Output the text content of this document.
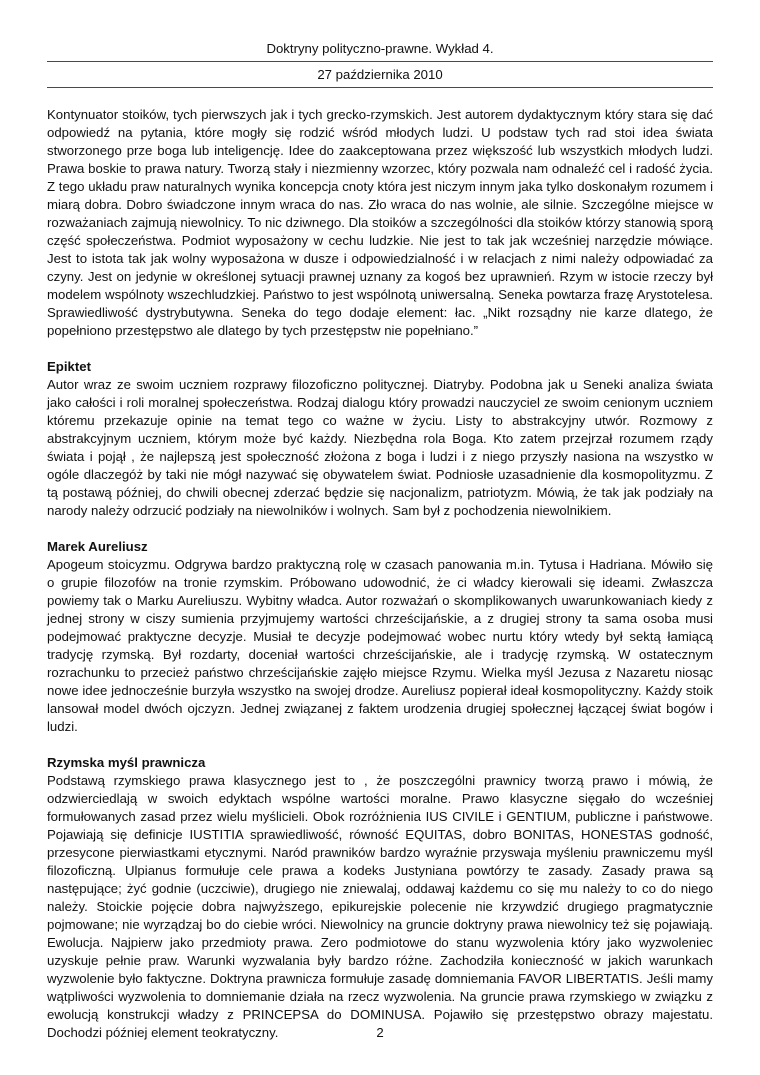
Doktryny polityczno-prawne. Wykład 4.
27 października 2010

Kontynuator stoików, tych pierwszych jak i tych grecko-rzymskich. Jest autorem dydaktycznym który stara się dać odpowiedź na pytania, które mogły się rodzić wśród młodych ludzi. U podstaw tych rad stoi idea świata stworzonego prze boga lub inteligencję. Idee do zaakceptowana przez większość lub wszystkich młodych ludzi. Prawa boskie to prawa natury. Tworzą stały i niezmienny wzorzec, który pozwala nam odnaleźć cel i radość życia. Z tego układu praw naturalnych wynika koncepcja cnoty która jest niczym innym jaka tylko doskonałym rozumem i miarą dobra. Dobro świadczone innym wraca do nas. Zło wraca do nas wolnie, ale silnie. Szczególne miejsce w rozważaniach zajmują niewolnicy. To nic dziwnego. Dla stoików a szczególności dla stoików którzy stanowią sporą część społeczeństwa. Podmiot wyposażony w cechu ludzkie. Nie jest to tak jak wcześniej narzędzie mówiące. Jest to istota tak jak wolny wyposażona w dusze i odpowiedzialność i w relacjach z nimi należy odpowiadać za czyny. Jest on jedynie w określonej sytuacji prawnej uznany za kogoś bez uprawnień. Rzym w istocie rzeczy był modelem wspólnoty wszechludzkiej. Państwo to jest wspólnotą uniwersalną. Seneka powtarza frazę Arystotelesa. Sprawiedliwość dystrybutywna. Seneka do tego dodaje element: łac. „Nikt rozsądny nie karze dlatego, że popełniono przestępstwo ale dlatego by tych przestępstw nie popełniano.”

Epiktet

Autor wraz ze swoim uczniem rozprawy filozoficzno politycznej. Diatryby. Podobna jak u Seneki analiza świata jako całości i roli moralnej społeczeństwa. Rodzaj dialogu który prowadzi nauczyciel ze swoim cenionym uczniem któremu przekazuje opinie na temat tego co ważne w życiu. Listy to abstrakcyjny utwór. Rozmowy z abstrakcyjnym uczniem, którym może być każdy. Niezbędna rola Boga. Kto zatem przejrzał rozumem rządy świata i pojął , że najlepszą jest społeczność złożona z boga i ludzi i z niego przyszły nasiona na wszystko w ogóle dlaczegóż by taki nie mógł nazywać się obywatelem świat. Podniosłe uzasadnienie dla kosmopolityzmu. Z tą postawą później, do chwili obecnej zderzać będzie się nacjonalizm, patriotyzm. Mówią, że tak jak podziały na narody należy odrzucić podziały na niewolników i wolnych. Sam był z pochodzenia niewolnikiem.

Marek Aureliusz

Apogeum stoicyzmu. Odgrywa bardzo praktyczną rolę w czasach panowania m.in. Tytusa i Hadriana. Mówiło się o grupie filozofów na tronie rzymskim. Próbowano udowodnić, że ci władcy kierowali się ideami. Zwłaszcza powiemy tak o Marku Aureliuszu. Wybitny władca. Autor rozważań o skomplikowanych uwarunkowaniach kiedy z jednej strony w ciszy sumienia przyjmujemy wartości chrześcijańskie, a z drugiej strony ta sama osoba musi podejmować praktyczne decyzje. Musiał te decyzje podejmować wobec nurtu który wtedy był sektą łamiącą tradycję rzymską. Był rozdarty, doceniał wartości chrześcijańskie, ale i tradycję rzymską. W ostatecznym rozrachunku to przecież państwo chrześcijańskie zajęło miejsce Rzymu. Wielka myśl Jezusa z Nazaretu niosąc nowe idee jednocześnie burzyła wszystko na swojej drodze. Aureliusz popierał ideał kosmopolityczny. Każdy stoik lansował model dwóch ojczyzn. Jednej związanej z faktem urodzenia drugiej społecznej łączącej świat bogów i ludzi.

Rzymska myśl prawnicza

Podstawą rzymskiego prawa klasycznego jest to , że poszczególni prawnicy tworzą prawo i mówią, że odzwierciedlają w swoich edyktach wspólne wartości moralne. Prawo klasyczne sięgało do wcześniej formułowanych zasad przez wielu myślicieli. Obok rozróżnienia IUS CIVILE i GENTIUM, publiczne i państwowe. Pojawiają się definicje IUSTITIA sprawiedliwość, równość EQUITAS, dobro BONITAS, HONESTAS godność, przesycone pierwiastkami etycznymi. Naród prawników bardzo wyraźnie przyswaja myśleniu prawniczemu myśl filozoficzną. Ulpianus formułuje cele prawa a kodeks Justyniana powtórzy te zasady. Zasady prawa są następujące; żyć godnie (uczciwie), drugiego nie zniewalaj, oddawaj każdemu co się mu należy to co do niego należy. Stoickie pojęcie dobra najwyższego, epikurejskie polecenie nie krzywdzić drugiego pragmatycznie pojmowane; nie wyrządzaj bo do ciebie wróci. Niewolnicy na gruncie doktryny prawa niewolnicy też się pojawiają. Ewolucja. Najpierw jako przedmioty prawa. Zero podmiotowe do stanu wyzwolenia który jako wyzwoleniec uzyskuje pełnie praw. Warunki wyzwalania były bardzo różne. Zachodziła konieczność w jakich warunkach wyzwolenie było faktyczne. Doktryna prawnicza formułuje zasadę domniemania FAVOR LIBERTATIS. Jeśli mamy wątpliwości wyzwolenia to domniemanie działa na rzecz wyzwolenia. Na gruncie prawa rzymskiego w związku z ewolucją konstrukcji władzy z PRINCEPSA do DOMINUSA. Pojawiło się przestępstwo obrazy majestatu. Dochodzi później element teokratyczny.	2
